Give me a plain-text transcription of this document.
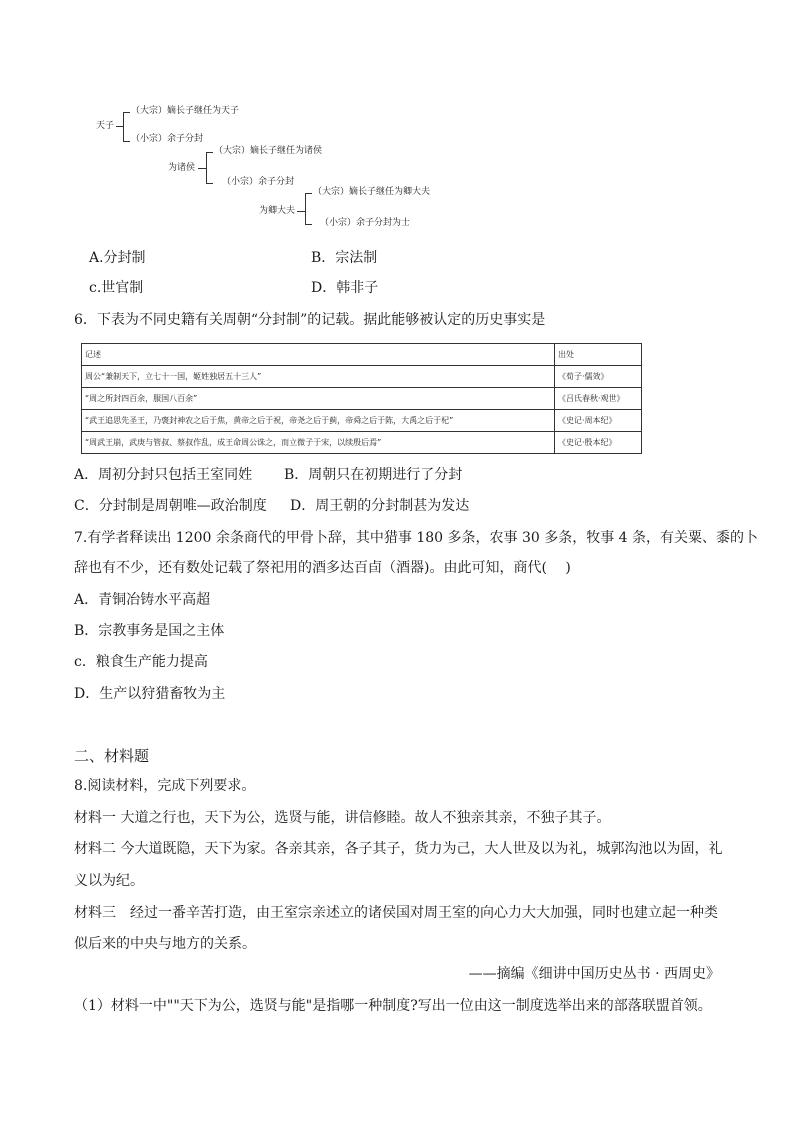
天子
（大宗）嫡长子继任为天子
（小宗）余子分封
为诸侯
（大宗）嫡长子继任为诸侯
（小宗）余子分封
为卿大夫
（大宗）嫡长子继任为卿大夫
（小宗）余子分封为士
A.分封制	B．宗法制
c.世官制	D．韩非子
6．下表为不同史籍有关周朝“分封制”的记载。据此能够被认定的历史事实是
记述	出处
周公“兼制天下，立七十一国，姬姓独居五十三人”	《荀子·儒效》
“周之所封四百余，服国八百余”	《吕氏春秋·观世》
“武王追思先圣王，乃褒封神农之后于焦，黄帝之后于祝，帝尧之后于蓟，帝舜之后于陈，大禹之后于杞”	《史记·周本纪》
“周武王崩，武庚与管叔、蔡叔作乱，成王命周公诛之，而立微子于宋，以续殷后焉”	《史记·殷本纪》
A．周初分封只包括王室同姓 B．周朝只在初期进行了分封
C．分封制是周朝唯—政治制度 D．周王朝的分封制甚为发达
7.有学者释读出 1200 余条商代的甲骨卜辞，其中猎事 180 多条，农事 30 多条，牧事 4 条，有关粟、黍的卜
辞也有不少，还有数处记载了祭祀用的酒多达百卣（酒器)。由此可知，商代(　 )
A．青铜冶铸水平高超
B．宗教事务是国之主体
c．粮食生产能力提高
D．生产以狩猎畜牧为主
二、材料题
8.阅读材料，完成下列要求。
材料一 大道之行也，天下为公，选贤与能，讲信修睦。故人不独亲其亲，不独子其子。
材料二 今大道既隐，天下为家。各亲其亲，各子其子，货力为己，大人世及以为礼，城郭沟池以为固，礼
义以为纪。
材料三　经过一番辛苦打造，由王室宗亲述立的诸侯国对周王室的向心力大大加强，同时也建立起一种类
似后来的中央与地方的关系。
——摘编《细讲中国历史丛书 · 西周史》
（1）材料一中""天下为公，选贤与能"是指哪一种制度?写出一位由这一制度选举出来的部落联盟首领。
